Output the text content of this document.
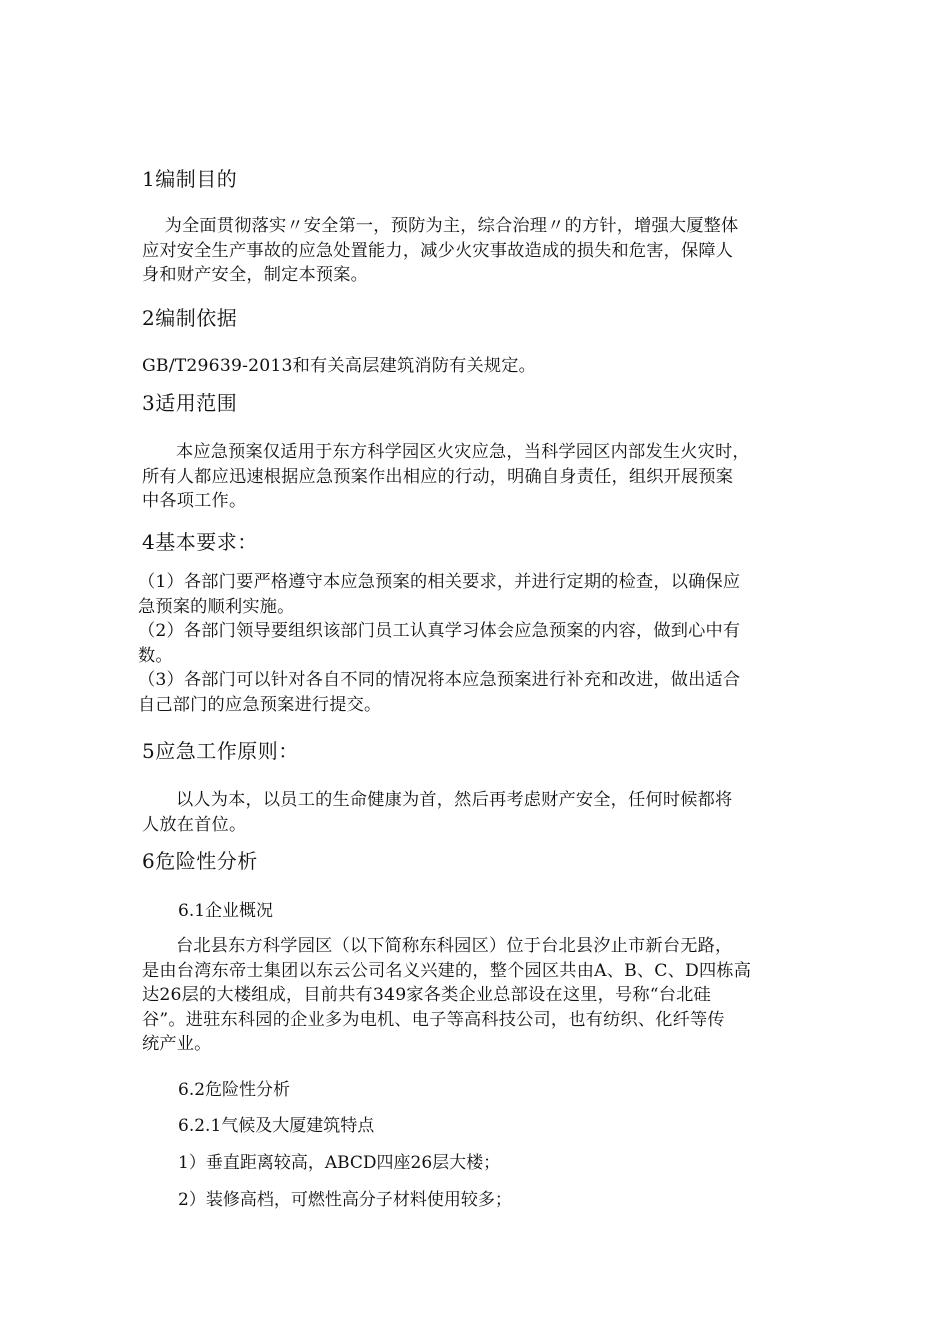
1编制目的
为全面贯彻落实〃安全第一，预防为主，综合治理〃的方针，增强大厦整体
应对安全生产事故的应急处置能力，减少火灾事故造成的损失和危害，保障人
身和财产安全，制定本预案。
2编制依据
GB/T29639-2013和有关高层建筑消防有关规定。
3适用范围
本应急预案仅适用于东方科学园区火灾应急，当科学园区内部发生火灾时，
所有人都应迅速根据应急预案作出相应的行动，明确自身责任，组织开展预案
中各项工作。
4基本要求：
（1）各部门要严格遵守本应急预案的相关要求，并进行定期的检查，以确保应
急预案的顺利实施。
（2）各部门领导要组织该部门员工认真学习体会应急预案的内容，做到心中有
数。
（3）各部门可以针对各自不同的情况将本应急预案进行补充和改进，做出适合
自己部门的应急预案进行提交。
5应急工作原则：
以人为本，以员工的生命健康为首，然后再考虑财产安全，任何时候都将
人放在首位。
6危险性分析
6.1企业概况
台北县东方科学园区（以下简称东科园区）位于台北县汐止市新台无路，
是由台湾东帝士集团以东云公司名义兴建的，整个园区共由A、B、C、D四栋高
达26层的大楼组成，目前共有349家各类企业总部设在这里，号称“台北硅
谷”。进驻东科园的企业多为电机、电子等高科技公司，也有纺织、化纤等传
统产业。
6.2危险性分析
6.2.1气候及大厦建筑特点
1）垂直距离较高，ABCD四座26层大楼；
2）装修高档，可燃性高分子材料使用较多；
